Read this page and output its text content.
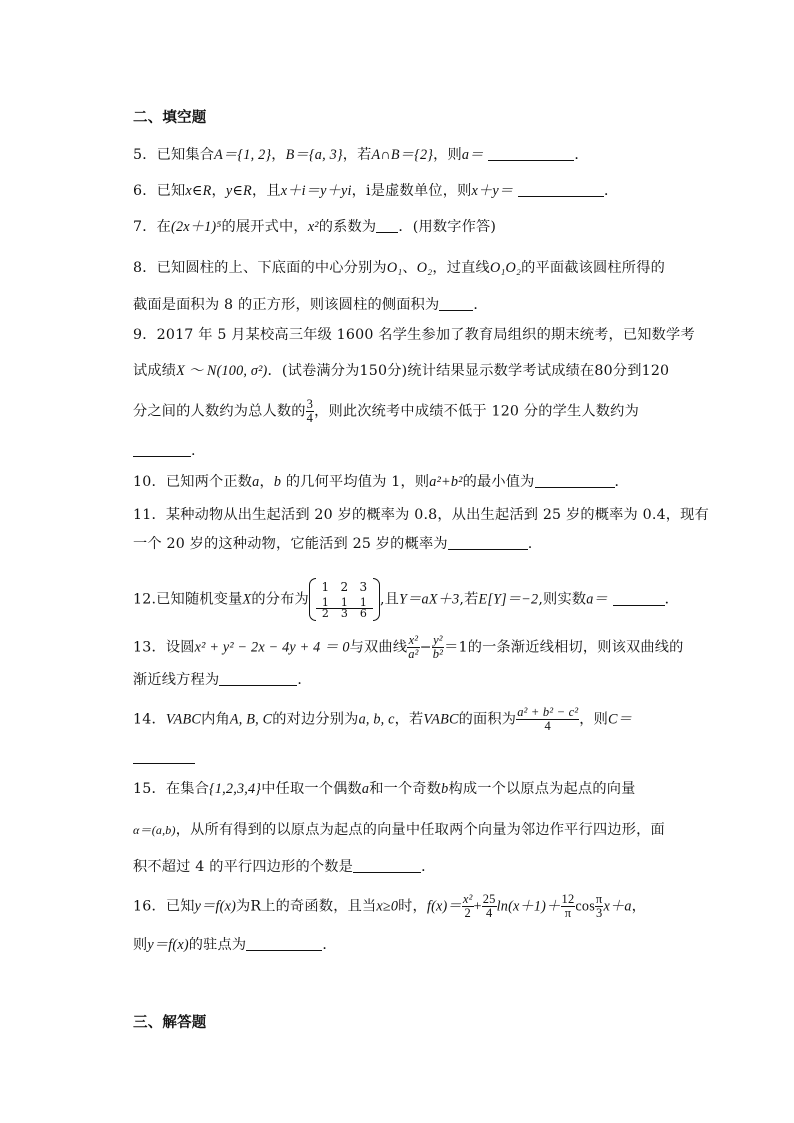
二、填空题
5．已知集合A＝{1, 2}，B＝{a, 3}，若A∩B＝{2}，则a＝	．
6．已知x∈R，y∈R，且x＋i＝y＋yi，i是虚数单位，则x＋y＝	．
7．在(2x＋1)⁵的展开式中，x²的系数为 ．(用数字作答)
8．已知圆柱的上、下底面的中心分别为O₁、O₂，过直线O₁O₂的平面截该圆柱所得的
截面是面积为 8 的正方形，则该圆柱的侧面积为 ．
9．2017 年 5 月某校高三年级 1600 名学生参加了教育局组织的期末统考，已知数学考
试成绩X ～ N(100, σ²)．(试卷满分为150分)统计结果显示数学考试成绩在80分到120
分之间的人数约为总人数的 $\frac{3}{4}$ ，则此次统考中成绩不低于 120 分的学生人数约为
.
10．已知两个正数a，b 的几何平均值为 1，则a²+b²的最小值为	．
11．某种动物从出生起活到 20 岁的概率为 0.8，从出生起活到 25 岁的概率为 0.4，现有
一个 20 岁的这种动物，它能活到 25 岁的概率为	.
12.已知随机变量X的分布为
1 2 3
$\frac{1}{2} \frac{1}{3} \frac{1}{6}$ ,且Y＝aX＋3,若E[Y]＝−2,则实数a＝	．
13．设圆x² + y² − 2x − 4y + 4 ＝ 0与双曲线 $\frac{\text{x²}}{\text{a²}} - \frac{\text{y²}}{\text{b²}} =1$的一条渐近线相切，则该双曲线的
渐近线方程为	．
14．VABC内角A, B, C的对边分别为a, b, c，若VABC的面积为 $\frac{\text{a² + b² − c²}}{4}$ ，则C＝
15．在集合{1,2,3,4}中任取一个偶数a和一个奇数b构成一个以原点为起点的向量
α＝(a,b)，从所有得到的以原点为起点的向量中任取两个向量为邻边作平行四边形，面
积不超过 4 的平行四边形的个数是	．
16．已知y＝f(x)为R上的奇函数，且当x≥0时，$f(x)= \frac{\text{x²}}{2} + \frac{25}{4} \ln(x+1)+ \frac{12}{\pi}$ $\cos \frac{\pi}{3} x+a$，
则y＝f(x)的驻点为	．
三、解答题
